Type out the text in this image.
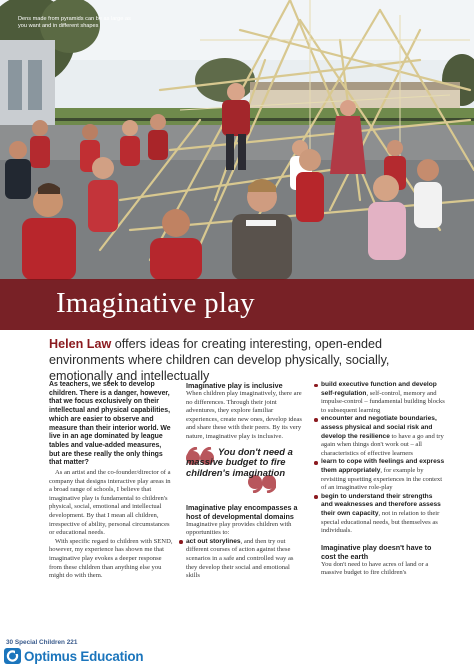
Dens made from pyramids can be as large as you want and in different shapes
Imaginative play

Helen Law offers ideas for creating interesting, open-ended environments where children can develop physically, socially, emotionally and intellectually

As teachers, we seek to develop children. There is a danger, however, that we focus exclusively on their intellectual and physical capabilities, which are easier to observe and measure than their interior world. We live in an age dominated by league tables and value-added measures, but are these really the only things that matter?

As an artist and the co-founder/director of a company that designs interactive play areas in a broad range of schools, I believe that imaginative play is fundamental to children's physical, social, emotional and intellectual development. By that I mean all children, irrespective of ability, personal circumstances or educational needs.

With specific regard to children with SEND, however, my experience has shown me that imaginative play evokes a deeper response from these children than anything else you might do with them.

Imaginative play is inclusive

When children play imaginatively, there are no differences. Through their joint adventures, they explore familiar experiences, create new ones, develop ideas and share these with their peers. By its very nature, imaginative play is inclusive.

You don't need a massive budget to fire children's imagination

Imaginative play encompasses a host of developmental domains

Imaginative play provides children with opportunities to:

act out storylines, and then try out different courses of action against these scenarios in a safe and controlled way as they develop their social and emotional skills
build executive function and develop self-regulation, self-control, memory and impulse-control – fundamental building blocks to subsequent learning
encounter and negotiate boundaries, assess physical and social risk and develop the resilience to have a go and try again when things don't work out – all characteristics of effective learners
learn to cope with feelings and express them appropriately, for example by revisiting upsetting experiences in the context of an imaginative role-play
begin to understand their strengths and weaknesses and therefore assess their own capacity, not in relation to their special educational needs, but themselves as individuals.

Imaginative play doesn't have to cost the earth

You don't need to have acres of land or a massive budget to fire children's

30 Special Children 221
Optimus Education
